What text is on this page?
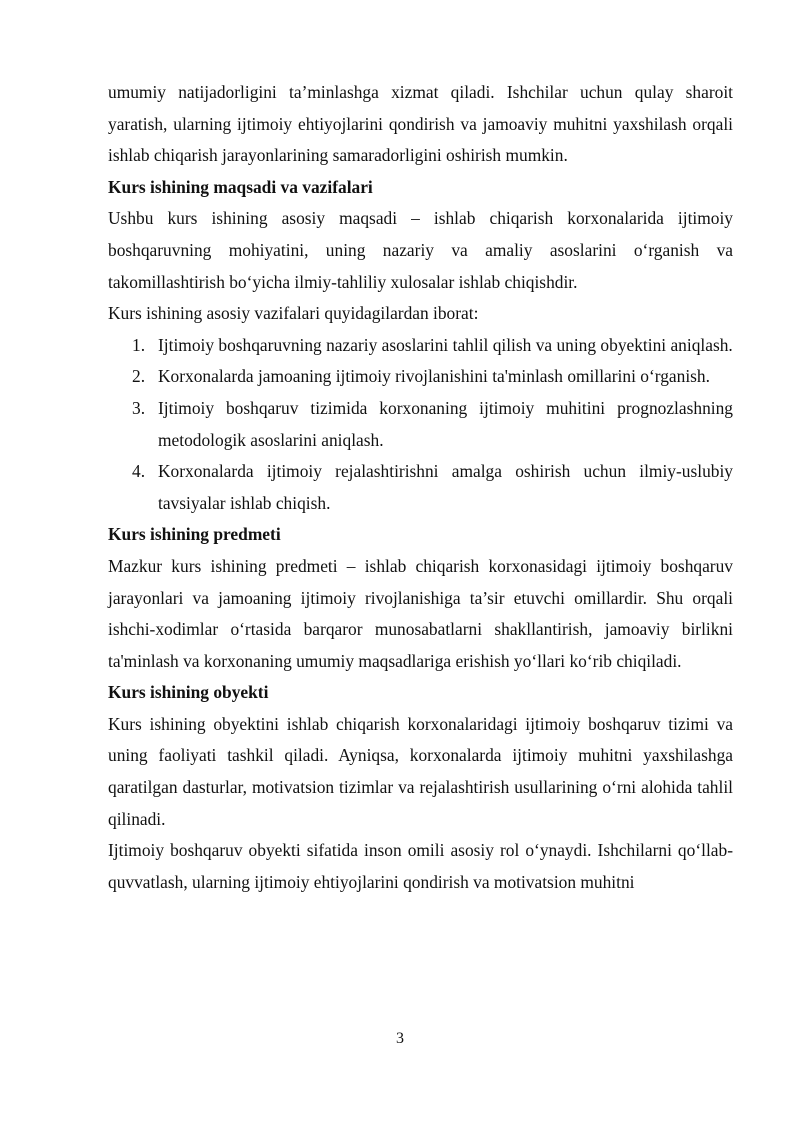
umumiy natijadorligini ta’minlashga xizmat qiladi. Ishchilar uchun qulay sharoit yaratish, ularning ijtimoiy ehtiyojlarini qondirish va jamoaviy muhitni yaxshilash orqali ishlab chiqarish jarayonlarining samaradorligini oshirish mumkin.

Kurs ishining maqsadi va vazifalari

Ushbu kurs ishining asosiy maqsadi – ishlab chiqarish korxonalarida ijtimoiy boshqaruvning mohiyatini, uning nazariy va amaliy asoslarini o‘rganish va takomillashtirish bo‘yicha ilmiy-tahliliy xulosalar ishlab chiqishdir.

Kurs ishining asosiy vazifalari quyidagilardan iborat:

1. Ijtimoiy boshqaruvning nazariy asoslarini tahlil qilish va uning obyektini aniqlash.
2. Korxonalarda jamoaning ijtimoiy rivojlanishini ta'minlash omillarini o‘rganish.
3. Ijtimoiy boshqaruv tizimida korxonaning ijtimoiy muhitini prognozlashning metodologik asoslarini aniqlash.
4. Korxonalarda ijtimoiy rejalashtirishni amalga oshirish uchun ilmiy-uslubiy tavsiyalar ishlab chiqish.

Kurs ishining predmeti

Mazkur kurs ishining predmeti – ishlab chiqarish korxonasidagi ijtimoiy boshqaruv jarayonlari va jamoaning ijtimoiy rivojlanishiga ta’sir etuvchi omillardir. Shu orqali ishchi-xodimlar o‘rtasida barqaror munosabatlarni shakllantirish, jamoaviy birlikni ta'minlash va korxonaning umumiy maqsadlariga erishish yo‘llari ko‘rib chiqiladi.

Kurs ishining obyekti

Kurs ishining obyektini ishlab chiqarish korxonalaridagi ijtimoiy boshqaruv tizimi va uning faoliyati tashkil qiladi. Ayniqsa, korxonalarda ijtimoiy muhitni yaxshilashga qaratilgan dasturlar, motivatsion tizimlar va rejalashtirish usullarining o‘rni alohida tahlil qilinadi.

Ijtimoiy boshqaruv obyekti sifatida inson omili asosiy rol o‘ynaydi. Ishchilarni qo‘llab-quvvatlash, ularning ijtimoiy ehtiyojlarini qondirish va motivatsion muhitni

3
